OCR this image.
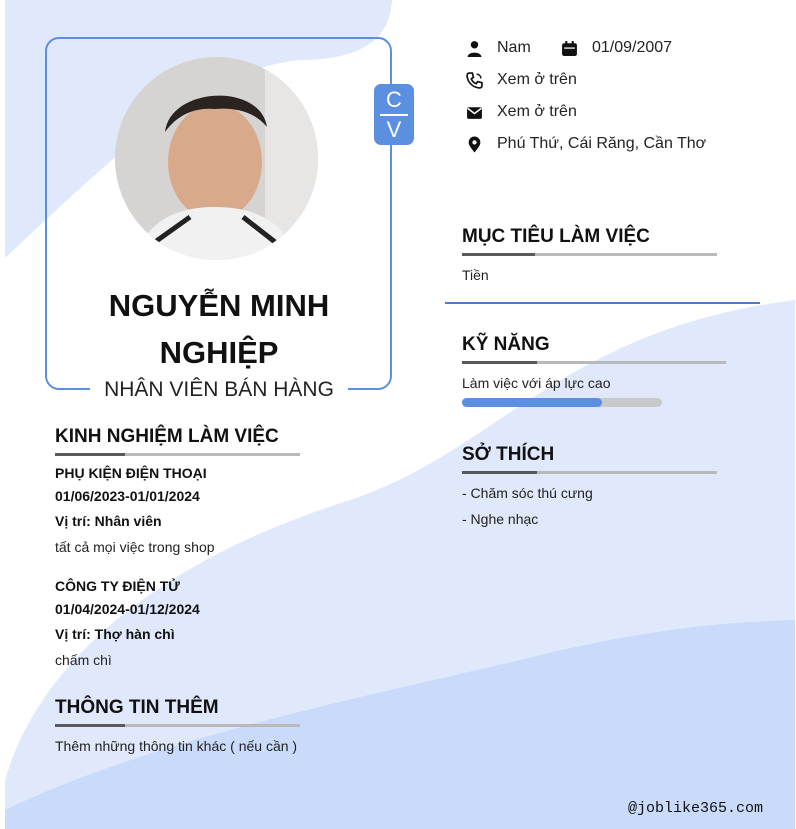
C
V
NGUYỄN MINH
NGHIỆP
NHÂN VIÊN BÁN HÀNG
Nam	01/09/2007
Xem ở trên
Xem ở trên
Phú Thứ, Cái Răng, Cần Thơ
MỤC TIÊU LÀM VIỆC
Tiền
KỸ NĂNG
Làm việc với áp lực cao
SỞ THÍCH
- Chăm sóc thú cưng
- Nghe nhạc
KINH NGHIỆM LÀM VIỆC
PHỤ KIỆN ĐIỆN THOẠI
01/06/2023-01/01/2024
Vị trí: Nhân viên
tất cả mọi việc trong shop
CÔNG TY ĐIỆN TỬ
01/04/2024-01/12/2024
Vị trí: Thợ hàn chì
chấm chì
THÔNG TIN THÊM
Thêm những thông tin khác ( nếu cần )
@joblike365.com
